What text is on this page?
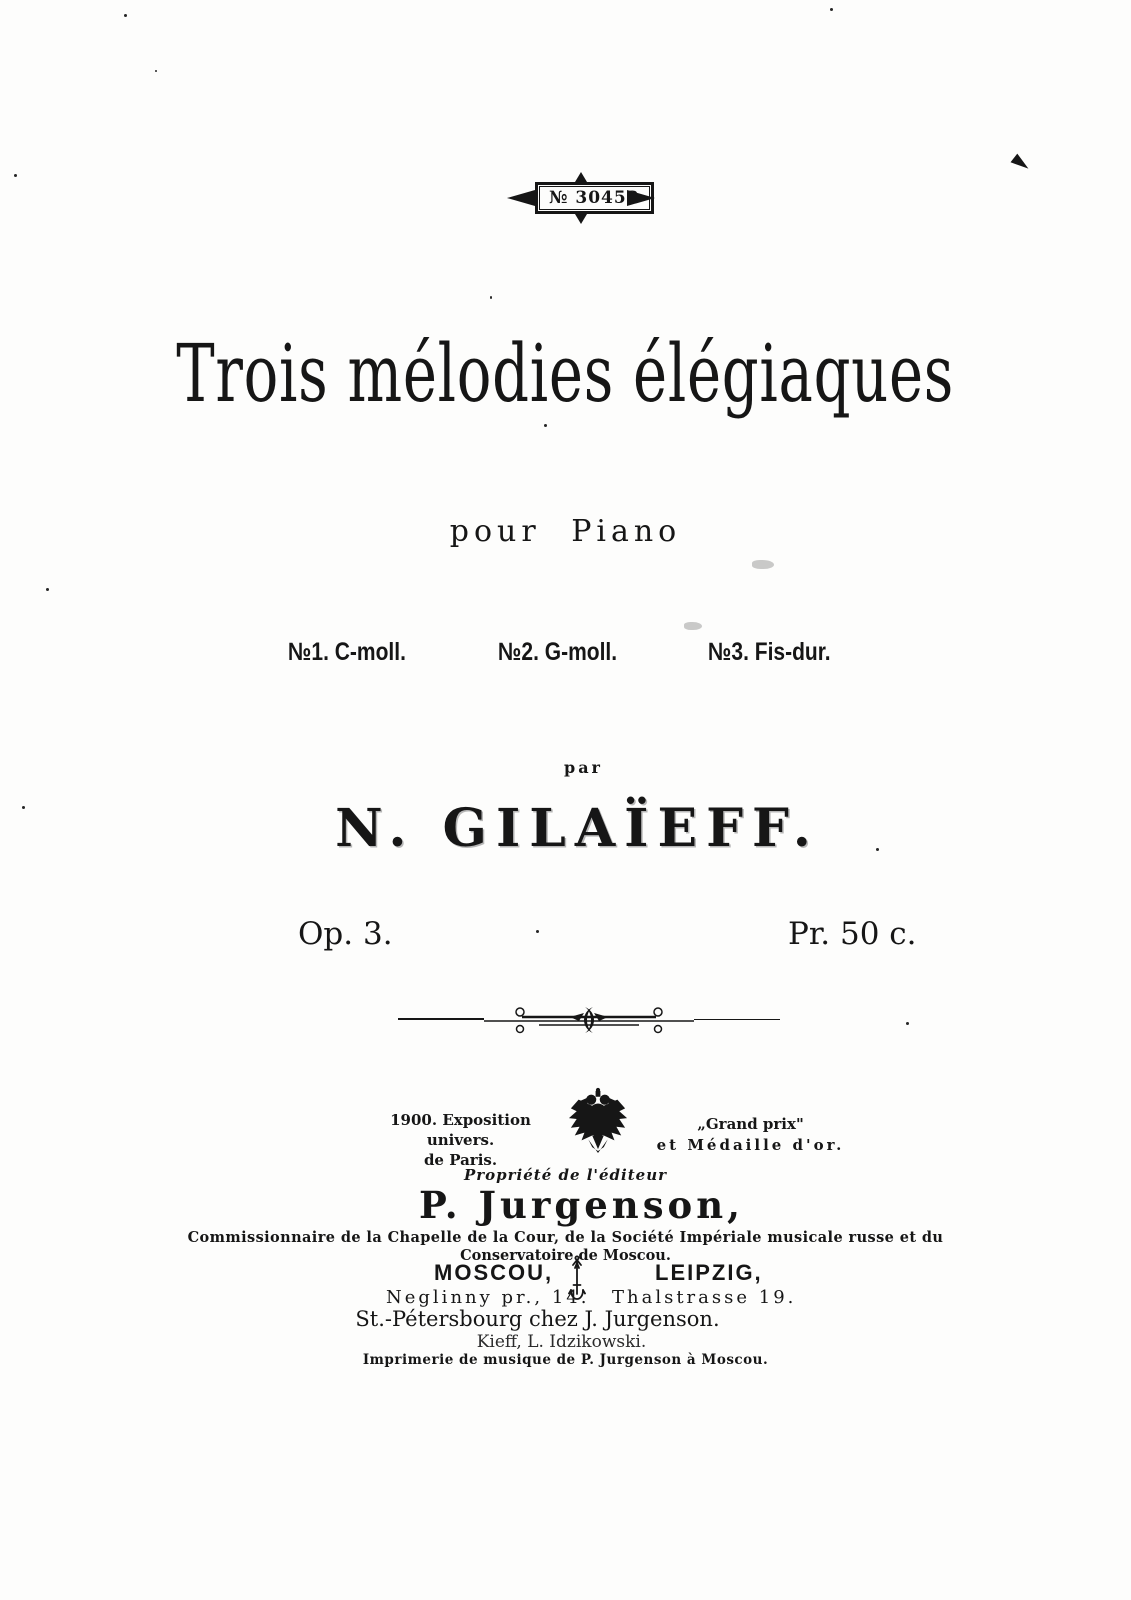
№ 30453
Trois mélodies élégiaques
pour Piano
№1. C-moll.	№2. G-moll.	№3. Fis-dur.
par
N. GILAÏEFF.
Op. 3.	Pr. 50 c.
1900. Exposition univers.
de Paris.
„Grand prix"
et Médaille d'or.
Propriété de l'éditeur
P. Jurgenson,
Commissionnaire de la Chapelle de la Cour, de la Société Impériale musicale russe et du
Conservatoire de Moscou.
MOSCOU,	LEIPZIG,
Neglinny pr., 14. Thalstrasse 19.
St.-Pétersbourg chez J. Jurgenson.
Kieff, L. Idzikowski.
Imprimerie de musique de P. Jurgenson à Moscou.
